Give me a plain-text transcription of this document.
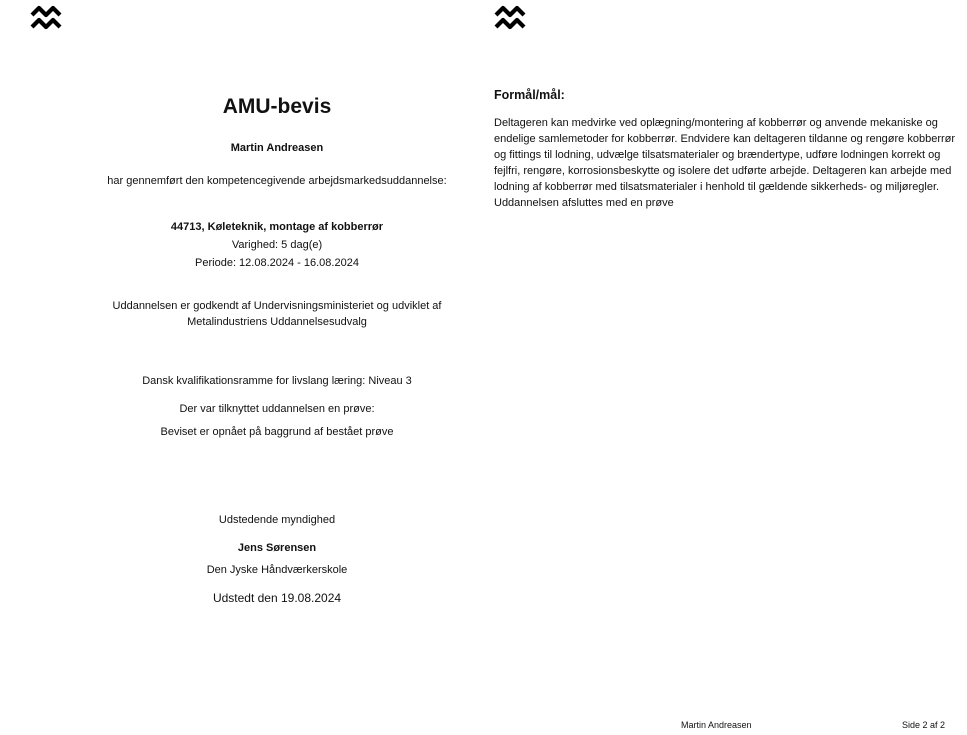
AMU-bevis
Martin Andreasen
har gennemført den kompetencegivende arbejdsmarkedsuddannelse:
44713, Køleteknik, montage af kobberrør
Varighed: 5 dag(e)
Periode: 12.08.2024 - 16.08.2024
Uddannelsen er godkendt af Undervisningsministeriet og udviklet af
Metalindustriens Uddannelsesudvalg
Dansk kvalifikationsramme for livslang læring: Niveau 3
Der var tilknyttet uddannelsen en prøve:
Beviset er opnået på baggrund af bestået prøve
Udstedende myndighed
Jens Sørensen
Den Jyske Håndværkerskole
Udstedt den 19.08.2024
Formål/mål:
Deltageren kan medvirke ved oplægning/montering af kobberrør og anvende mekaniske og endelige samlemetoder for kobberrør. Endvidere kan deltageren tildanne og rengøre kobberrør og fittings til lodning, udvælge tilsatsmaterialer og brændertype, udføre lodningen korrekt og fejlfri, rengøre, korrosionsbeskytte og isolere det udførte arbejde. Deltageren kan arbejde med lodning af kobberrør med tilsatsmaterialer i henhold til gældende sikkerheds- og miljøregler. Uddannelsen afsluttes med en prøve
Martin Andreasen	Side 2 af 2
